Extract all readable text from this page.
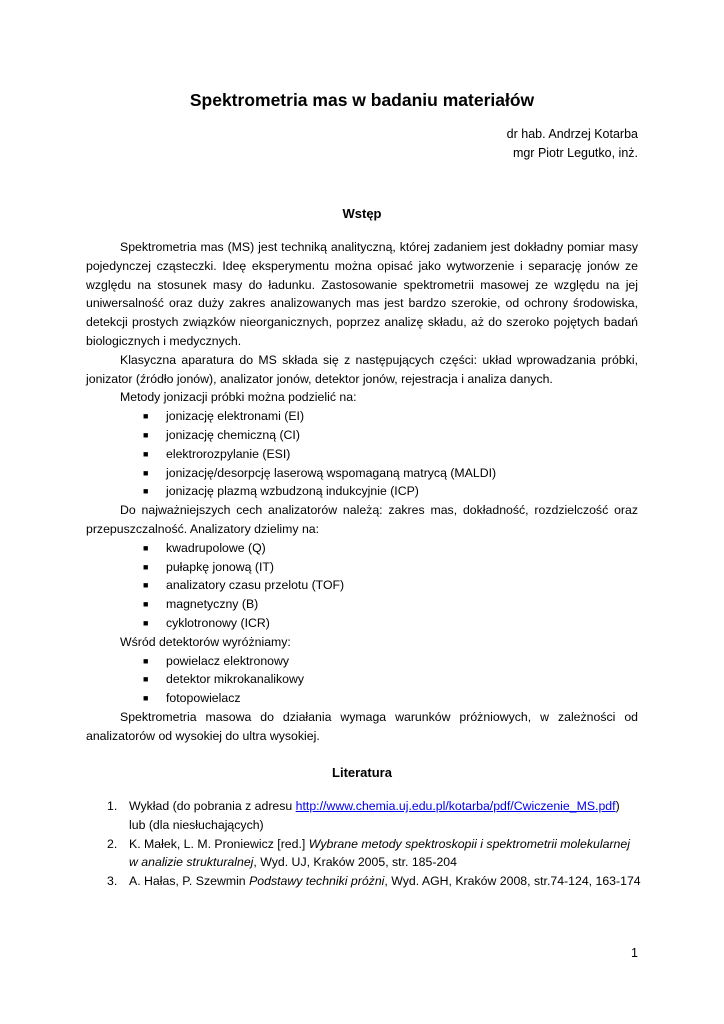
Spektrometria mas w badaniu materiałów
dr hab. Andrzej Kotarba
mgr Piotr Legutko, inż.
Wstęp

Spektrometria mas (MS) jest techniką analityczną, której zadaniem jest dokładny pomiar masy pojedynczej cząsteczki. Ideę eksperymentu można opisać jako wytworzenie i separację jonów ze względu na stosunek masy do ładunku. Zastosowanie spektrometrii masowej ze względu na jej uniwersalność oraz duży zakres analizowanych mas jest bardzo szerokie, od ochrony środowiska, detekcji prostych związków nieorganicznych, poprzez analizę składu, aż do szeroko pojętych badań biologicznych i medycznych.

Klasyczna aparatura do MS składa się z następujących części: układ wprowadzania próbki, jonizator (źródło jonów), analizator jonów, detektor jonów, rejestracja i analiza danych.

Metody jonizacji próbki można podzielić na:

■ jonizację elektronami (EI)
■ jonizację chemiczną (CI)
■ elektrorozpylanie (ESI)
■ jonizację/desorpcję laserową wspomaganą matrycą (MALDI)
■ jonizację plazmą wzbudzoną indukcyjnie (ICP)

Do najważniejszych cech analizatorów należą: zakres mas, dokładność, rozdzielczość oraz przepuszczalność. Analizatory dzielimy na:

■ kwadrupolowe (Q)
■ pułapkę jonową (IT)
■ analizatory czasu przelotu (TOF)
■ magnetyczny (B)
■ cyklotronowy (ICR)

Wśród detektorów wyróżniamy:

■ powielacz elektronowy
■ detektor mikrokanalikowy
■ fotopowielacz

Spektrometria masowa do działania wymaga warunków próżniowych, w zależności od analizatorów od wysokiej do ultra wysokiej.

Literatura
1. Wykład (do pobrania z adresu http://www.chemia.uj.edu.pl/kotarba/pdf/Cwiczenie_MS.pdf)
lub (dla niesłuchających)
2. K. Małek, L. M. Proniewicz [red.] Wybrane metody spektroskopii i spektrometrii molekularnej
w analizie strukturalnej, Wyd. UJ, Kraków 2005, str. 185-204
3. A. Hałas, P. Szewmin Podstawy techniki próżni, Wyd. AGH, Kraków 2008, str.74-124, 163-174
1
